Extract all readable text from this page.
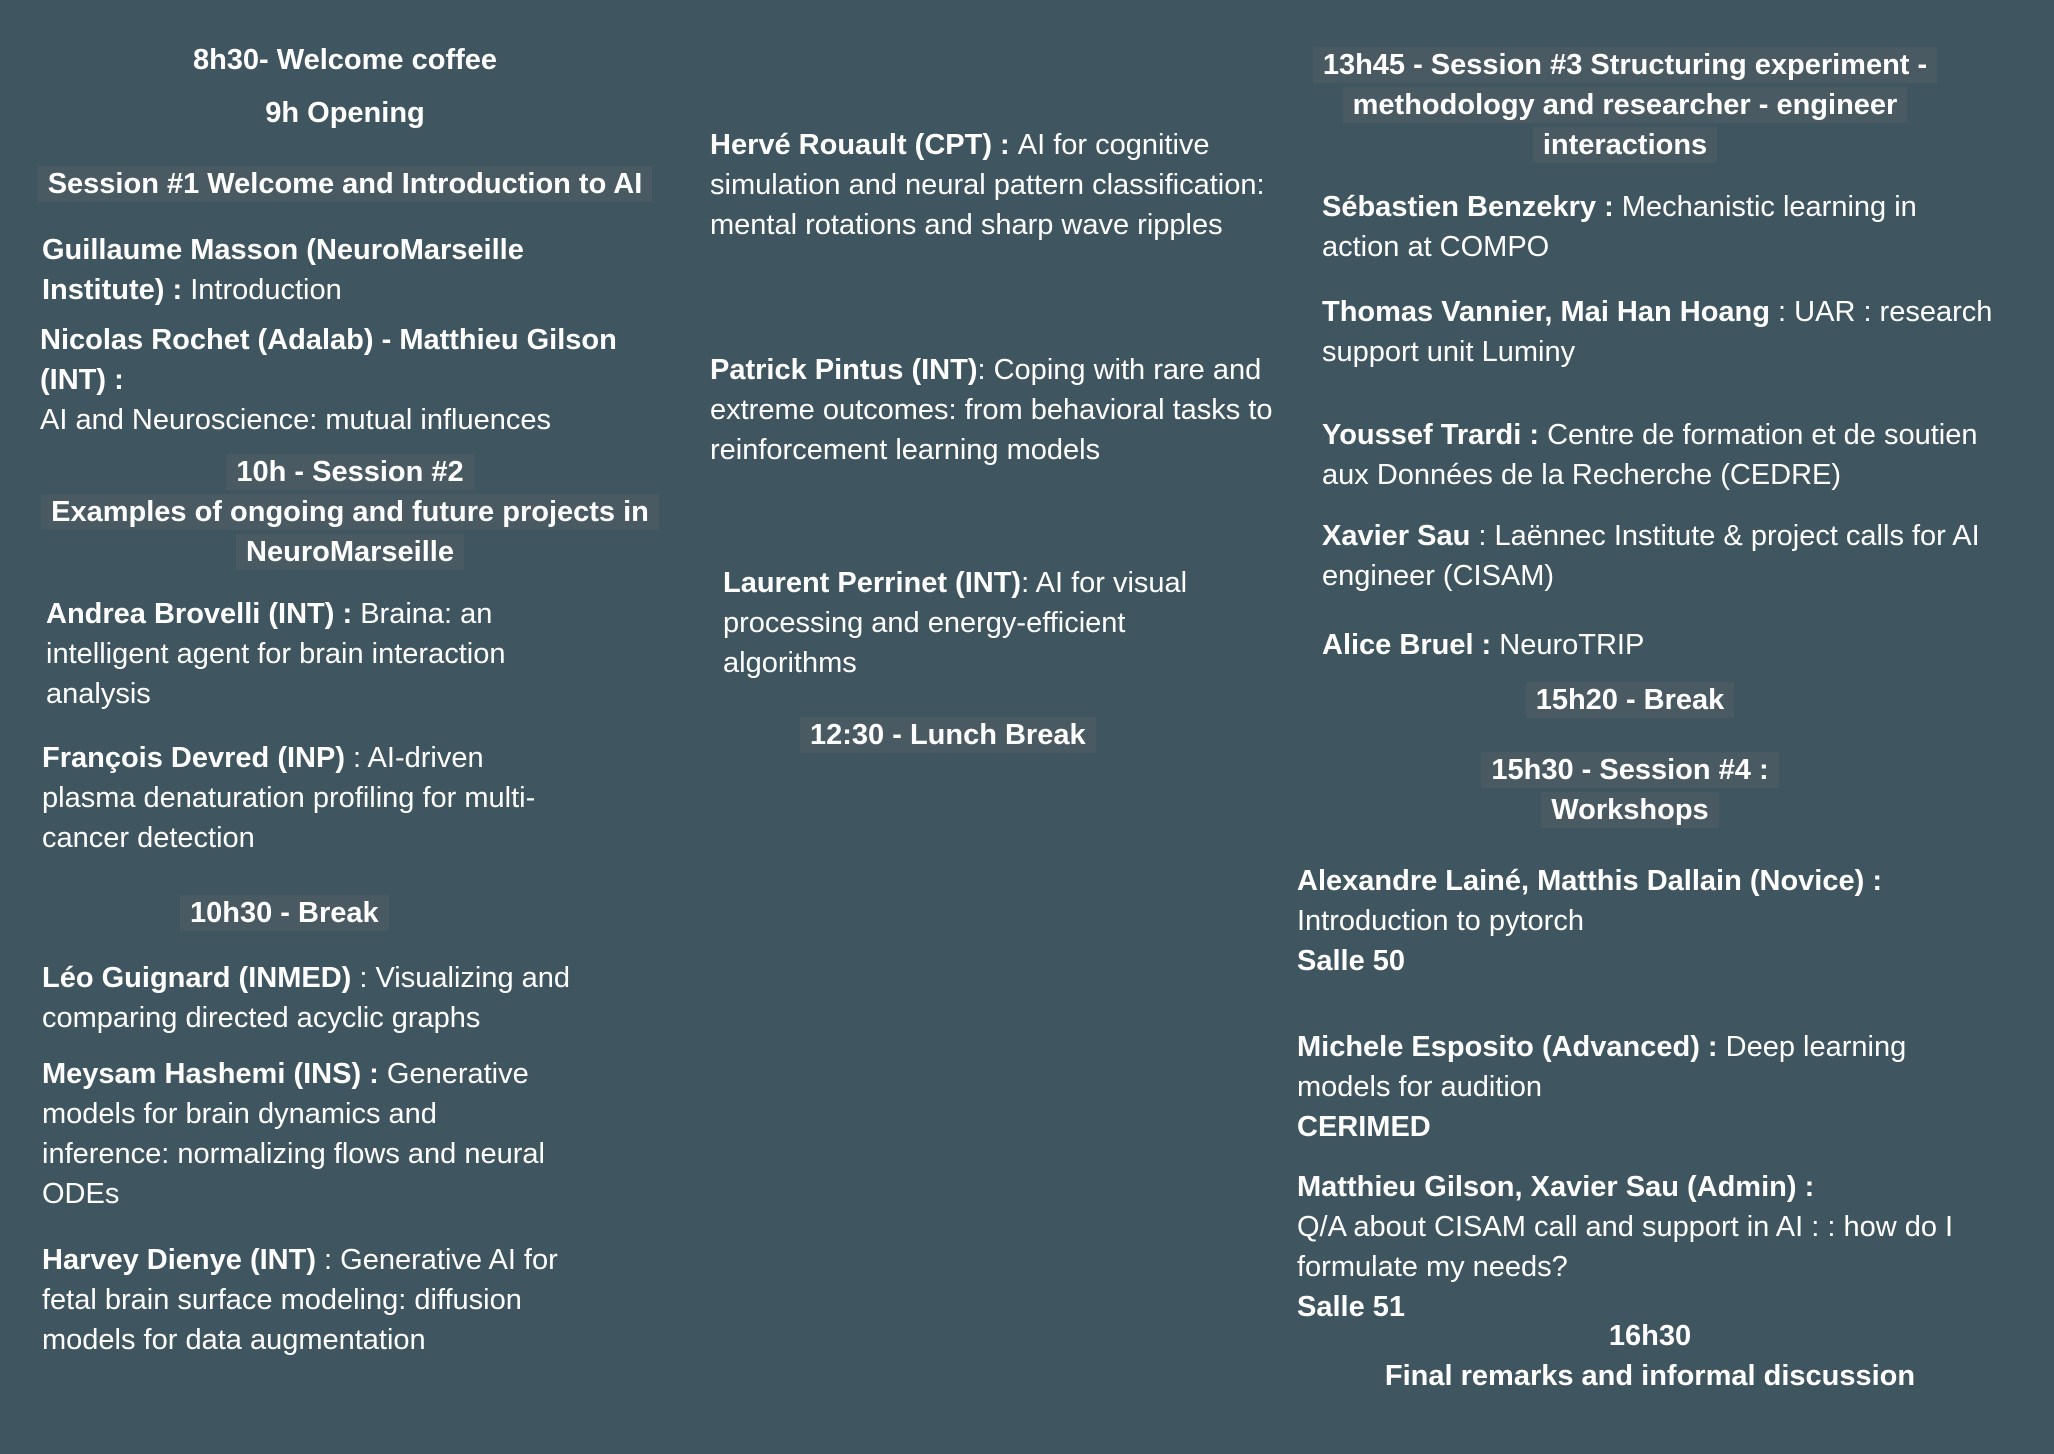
8h30- Welcome coffee
9h Opening
Session #1 Welcome and Introduction to AI
Guillaume Masson (NeuroMarseille Institute) : Introduction
Nicolas Rochet (Adalab) - Matthieu Gilson (INT) :
AI and Neuroscience: mutual influences
10h - Session #2
Examples of ongoing and future projects in NeuroMarseille
Andrea Brovelli (INT) : Braina: an intelligent agent for brain interaction analysis
François Devred (INP) : AI-driven plasma denaturation profiling for multi-cancer detection
10h30 - Break
Léo Guignard (INMED) : Visualizing and comparing directed acyclic graphs
Meysam Hashemi (INS) : Generative models for brain dynamics and inference: normalizing flows and neural ODEs
Harvey Dienye (INT) : Generative AI for fetal brain surface modeling: diffusion models for data augmentation
Hervé Rouault (CPT) : AI for cognitive simulation and neural pattern classification: mental rotations and sharp wave ripples
Patrick Pintus (INT): Coping with rare and extreme outcomes: from behavioral tasks to reinforcement learning models
Laurent Perrinet (INT): AI for visual processing and energy-efficient algorithms
12:30 - Lunch Break
13h45 - Session #3 Structuring experiment - methodology and researcher - engineer interactions
Sébastien Benzekry : Mechanistic learning in action at COMPO
Thomas Vannier, Mai Han Hoang : UAR : research support unit Luminy
Youssef Trardi : Centre de formation et de soutien aux Données de la Recherche (CEDRE)
Xavier Sau : Laënnec Institute & project calls for AI engineer (CISAM)
Alice Bruel : NeuroTRIP
15h20 - Break
15h30 - Session #4 :
Workshops
Alexandre Lainé, Matthis Dallain (Novice) :
Introduction to pytorch
Salle 50
Michele Esposito (Advanced) : Deep learning models for audition
CERIMED
Matthieu Gilson, Xavier Sau (Admin) :
Q/A about CISAM call and support in AI : : how do I formulate my needs?
Salle 51
16h30
Final remarks and informal discussion
